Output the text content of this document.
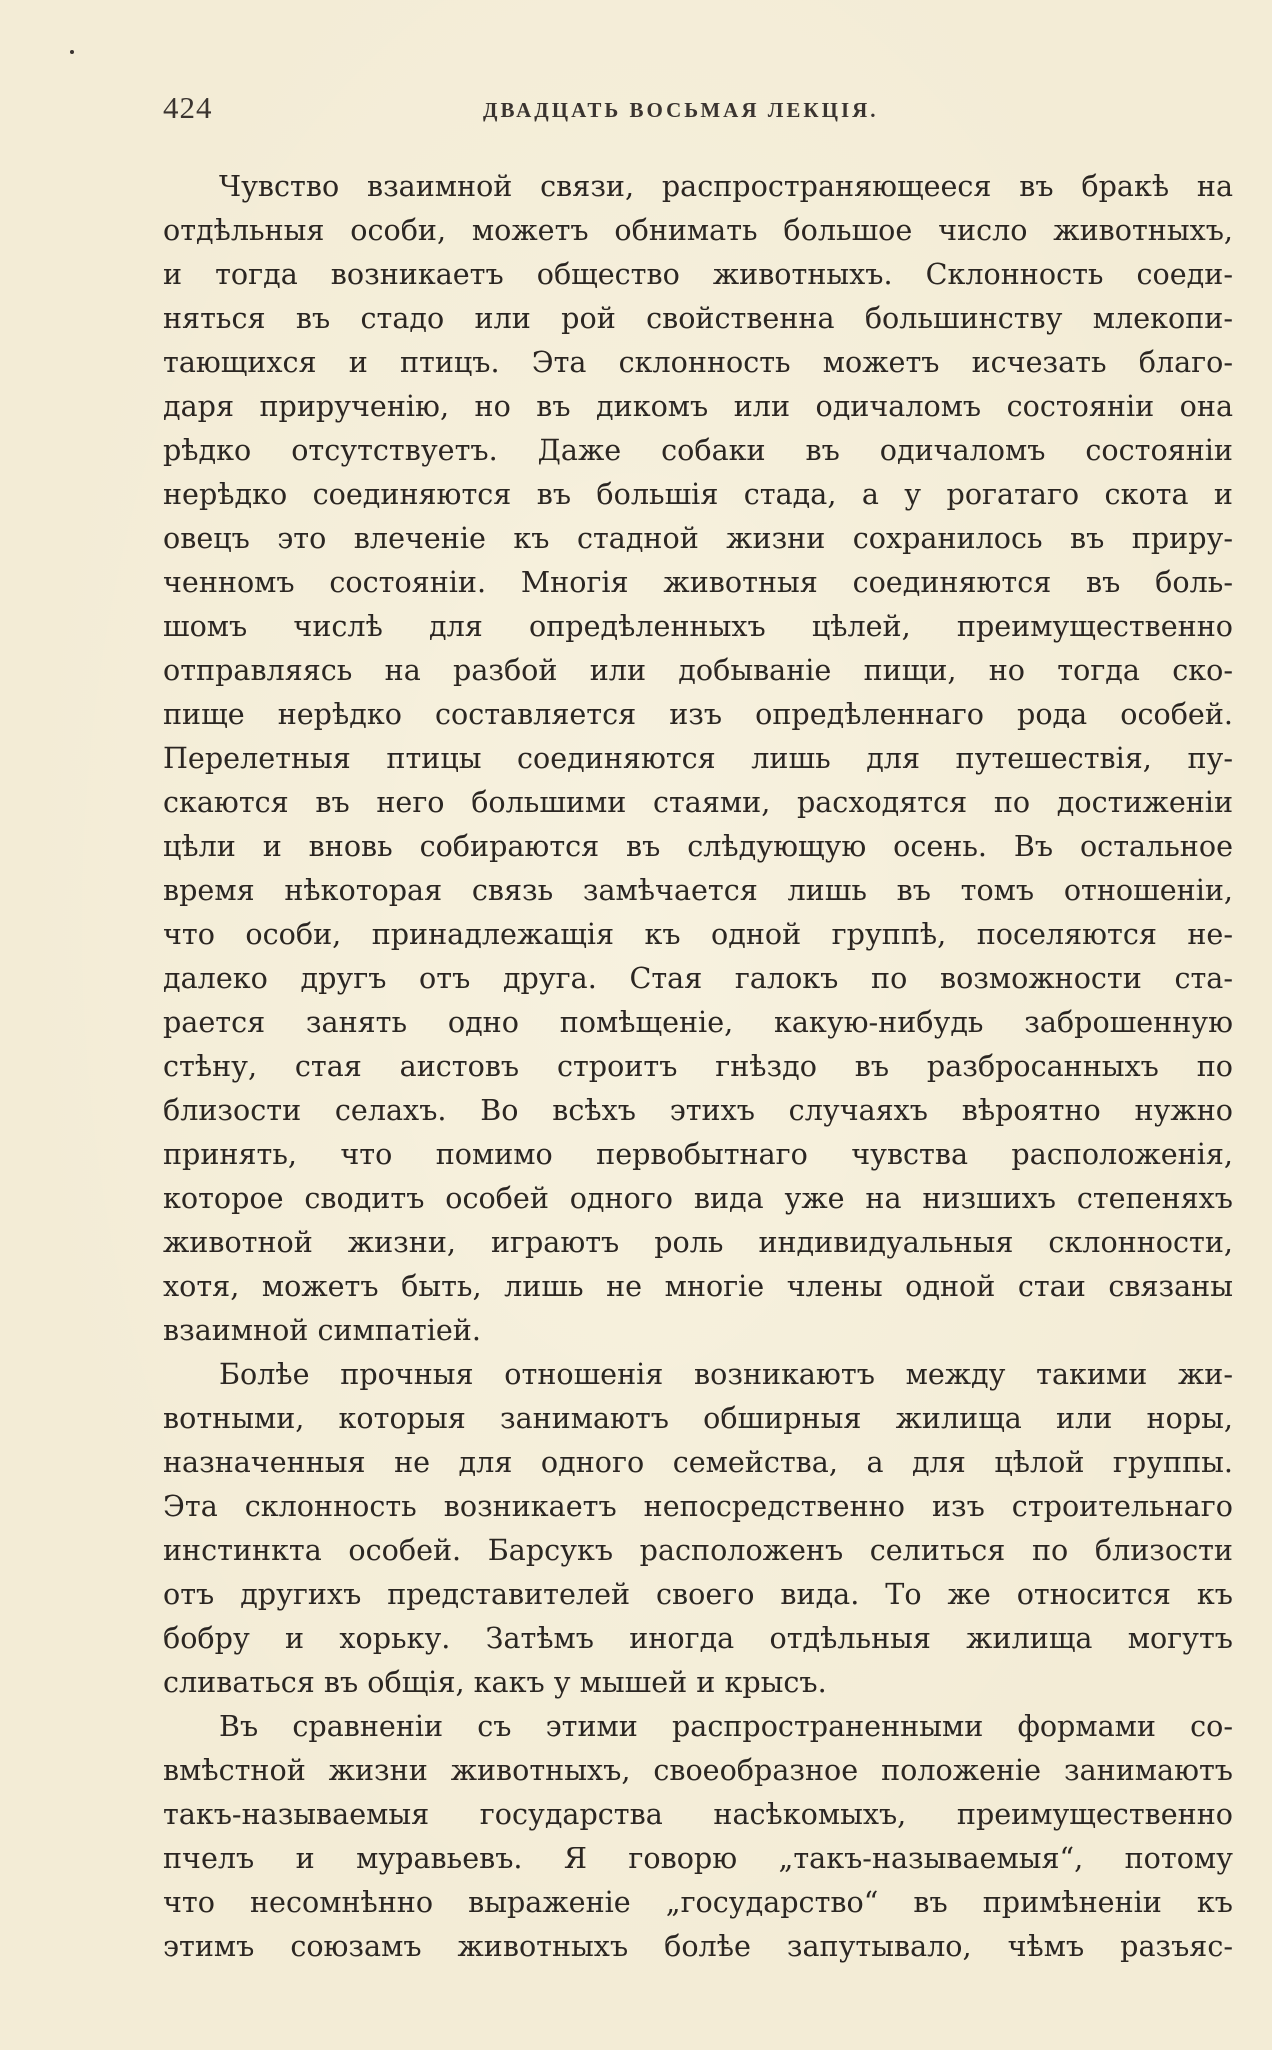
424	ДВАДЦАТЬ ВОСЬМАЯ ЛЕКЦІЯ.
Чувство взаимной связи, распространяющееся въ бракѣ на
отдѣльныя особи, можетъ обнимать большое число животныхъ,
и тогда возникаетъ общество животныхъ. Склонность соеди-
няться въ стадо или рой свойственна большинству млекопи-
тающихся и птицъ. Эта склонность можетъ исчезать благо-
даря прирученію, но въ дикомъ или одичаломъ состояніи она
рѣдко отсутствуетъ. Даже собаки въ одичаломъ состояніи
нерѣдко соединяются въ большія стада, а у рогатаго скота и
овецъ это влеченіе къ стадной жизни сохранилось въ приру-
ченномъ состояніи. Многія животныя соединяются въ боль-
шомъ числѣ для опредѣленныхъ цѣлей, преимущественно
отправляясь на разбой или добываніе пищи, но тогда ско-
пище нерѣдко составляется изъ опредѣленнаго рода особей.
Перелетныя птицы соединяются лишь для путешествія, пу-
скаются въ него большими стаями, расходятся по достиженіи
цѣли и вновь собираются въ слѣдующую осень. Въ остальное
время нѣкоторая связь замѣчается лишь въ томъ отношеніи,
что особи, принадлежащія къ одной группѣ, поселяются не-
далеко другъ отъ друга. Стая галокъ по возможности ста-
рается занять одно помѣщеніе, какую-нибудь заброшенную
стѣну, стая аистовъ строитъ гнѣздо въ разбросанныхъ по
близости селахъ. Во всѣхъ этихъ случаяхъ вѣроятно нужно
принять, что помимо первобытнаго чувства расположенія,
которое сводитъ особей одного вида уже на низшихъ степеняхъ
животной жизни, играютъ роль индивидуальныя склонности,
хотя, можетъ быть, лишь не многіе члены одной стаи связаны
взаимной симпатіей.
Болѣе прочныя отношенія возникаютъ между такими жи-
вотными, которыя занимаютъ обширныя жилища или норы,
назначенныя не для одного семейства, а для цѣлой группы.
Эта склонность возникаетъ непосредственно изъ строительнаго
инстинкта особей. Барсукъ расположенъ селиться по близости
отъ другихъ представителей своего вида. То же относится къ
бобру и хорьку. Затѣмъ иногда отдѣльныя жилища могутъ
сливаться въ общія, какъ у мышей и крысъ.
Въ сравненіи съ этими распространенными формами со-
вмѣстной жизни животныхъ, своеобразное положеніе занимаютъ
такъ-называемыя государства насѣкомыхъ, преимущественно
пчелъ и муравьевъ. Я говорю „такъ-называемыя“, потому
что несомнѣнно выраженіе „государство“ въ примѣненіи къ
этимъ союзамъ животныхъ болѣе запутывало, чѣмъ разъяс-
